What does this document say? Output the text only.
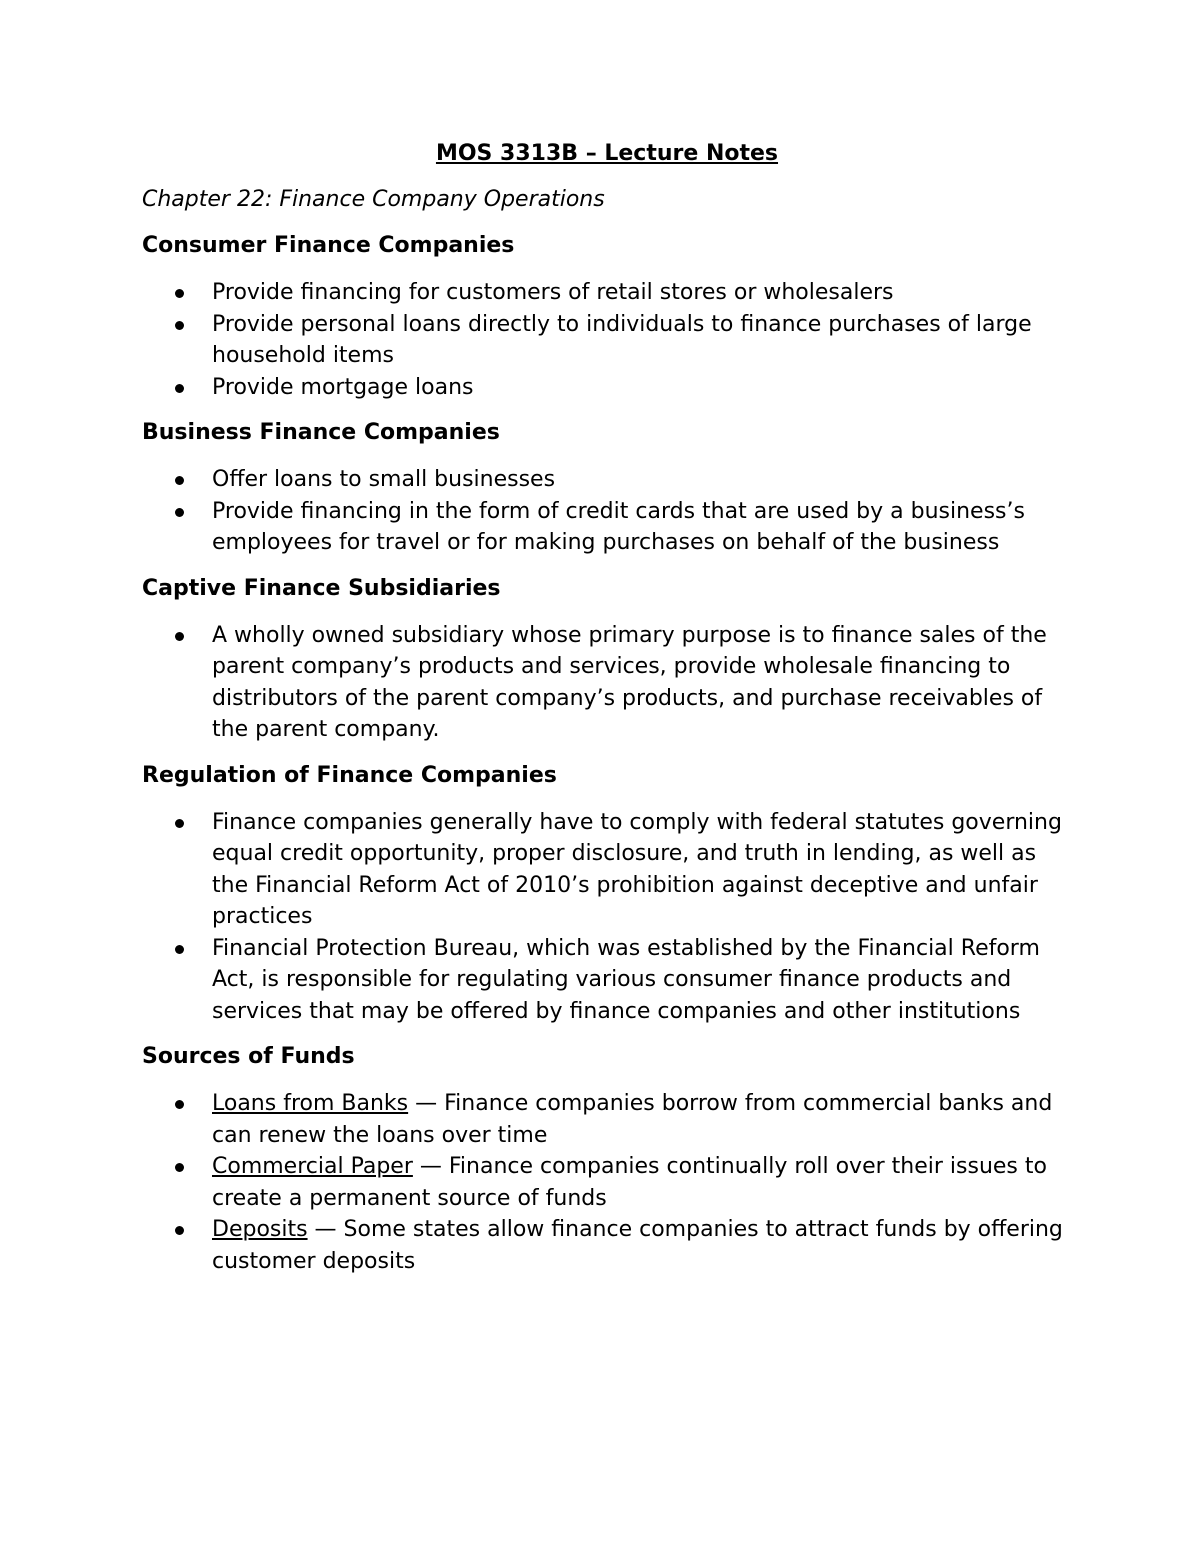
MOS 3313B – Lecture Notes
Chapter 22: Finance Company Operations
Consumer Finance Companies
Provide financing for customers of retail stores or wholesalers
Provide personal loans directly to individuals to finance purchases of large household items
Provide mortgage loans
Business Finance Companies
Offer loans to small businesses
Provide financing in the form of credit cards that are used by a business’s employees for travel or for making purchases on behalf of the business
Captive Finance Subsidiaries
A wholly owned subsidiary whose primary purpose is to finance sales of the parent company’s products and services, provide wholesale financing to distributors of the parent company’s products, and purchase receivables of the parent company.
Regulation of Finance Companies
Finance companies generally have to comply with federal statutes governing equal credit opportunity, proper disclosure, and truth in lending, as well as the Financial Reform Act of 2010’s prohibition against deceptive and unfair practices
Financial Protection Bureau, which was established by the Financial Reform Act, is responsible for regulating various consumer finance products and services that may be offered by finance companies and other institutions
Sources of Funds
Loans from Banks — Finance companies borrow from commercial banks and can renew the loans over time
Commercial Paper — Finance companies continually roll over their issues to create a permanent source of funds
Deposits — Some states allow finance companies to attract funds by offering customer deposits
